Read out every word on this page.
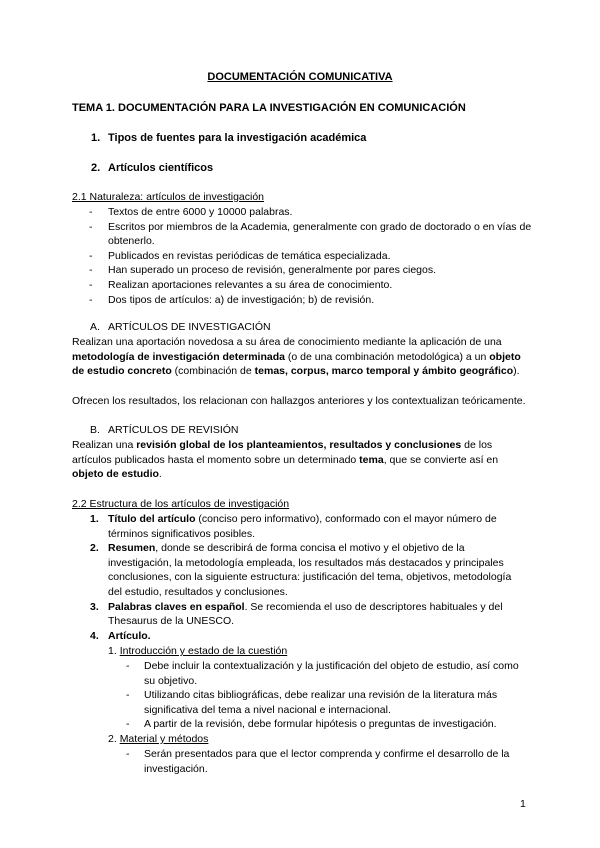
DOCUMENTACIÓN COMUNICATIVA
TEMA 1. DOCUMENTACIÓN PARA LA INVESTIGACIÓN EN COMUNICACIÓN
1. Tipos de fuentes para la investigación académica
2. Artículos científicos
2.1 Naturaleza: artículos de investigación
- Textos de entre 6000 y 10000 palabras.
- Escritos por miembros de la Academia, generalmente con grado de doctorado o en vías de obtenerlo.
- Publicados en revistas periódicas de temática especializada.
- Han superado un proceso de revisión, generalmente por pares ciegos.
- Realizan aportaciones relevantes a su área de conocimiento.
- Dos tipos de artículos: a) de investigación; b) de revisión.
A. ARTÍCULOS DE INVESTIGACIÓN
Realizan una aportación novedosa a su área de conocimiento mediante la aplicación de una metodología de investigación determinada (o de una combinación metodológica) a un objeto de estudio concreto (combinación de temas, corpus, marco temporal y ámbito geográfico).
Ofrecen los resultados, los relacionan con hallazgos anteriores y los contextualizan teóricamente.
B. ARTÍCULOS DE REVISIÓN
Realizan una revisión global de los planteamientos, resultados y conclusiones de los artículos publicados hasta el momento sobre un determinado tema, que se convierte así en objeto de estudio.
2.2 Estructura de los artículos de investigación
1. Título del artículo (conciso pero informativo), conformado con el mayor número de términos significativos posibles.
2. Resumen, donde se describirá de forma concisa el motivo y el objetivo de la investigación, la metodología empleada, los resultados más destacados y principales conclusiones, con la siguiente estructura: justificación del tema, objetivos, metodología del estudio, resultados y conclusiones.
3. Palabras claves en español. Se recomienda el uso de descriptores habituales y del Thesaurus de la UNESCO.
4. Artículo.
1. Introducción y estado de la cuestión
- Debe incluir la contextualización y la justificación del objeto de estudio, así como su objetivo.
- Utilizando citas bibliográficas, debe realizar una revisión de la literatura más significativa del tema a nivel nacional e internacional.
- A partir de la revisión, debe formular hipótesis o preguntas de investigación.
2. Material y métodos
- Serán presentados para que el lector comprenda y confirme el desarrollo de la investigación.
1
